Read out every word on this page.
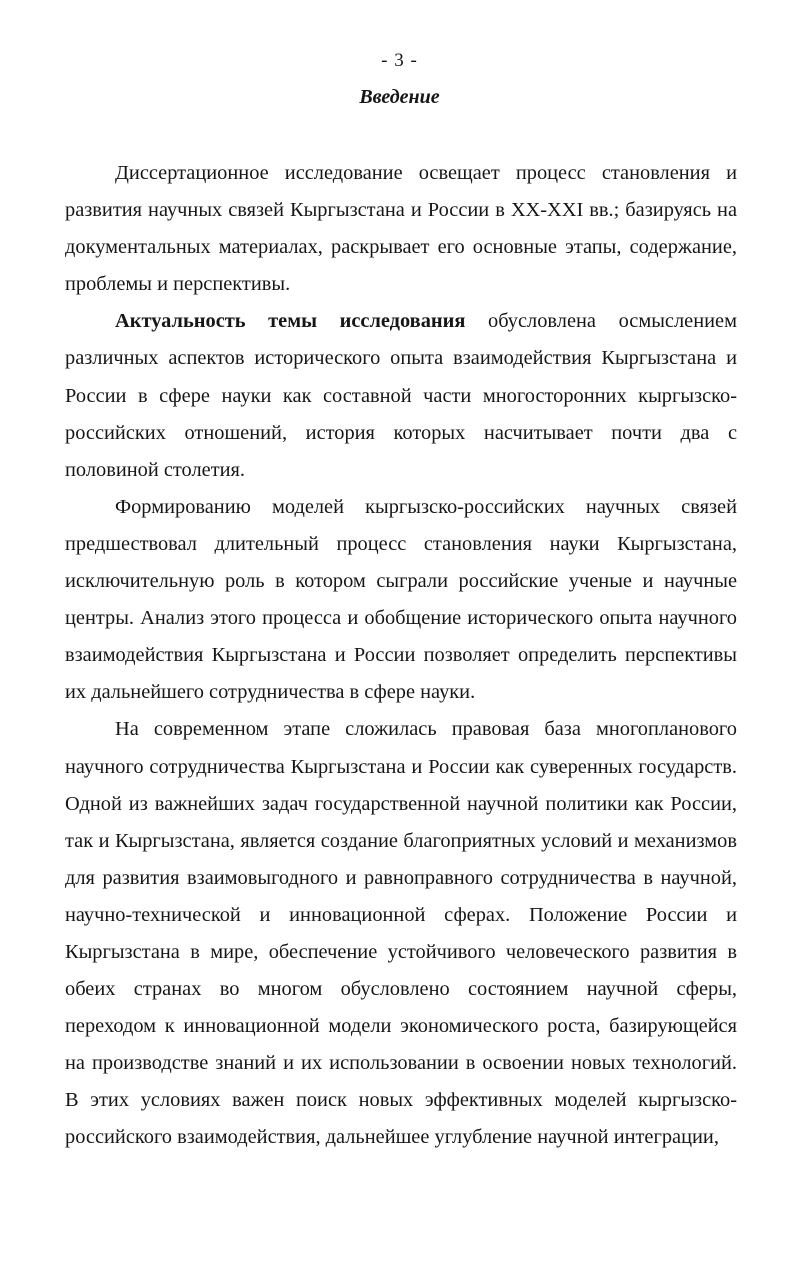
- 3 -
Введение

Диссертационное исследование освещает процесс становления и развития научных связей Кыргызстана и России в XX-XXI вв.; базируясь на документальных материалах, раскрывает его основные этапы, содержание, проблемы и перспективы.

Актуальность темы исследования обусловлена осмыслением различных аспектов исторического опыта взаимодействия Кыргызстана и России в сфере науки как составной части многосторонних кыргызско-российских отношений, история которых насчитывает почти два с половиной столетия.

Формированию моделей кыргызско-российских научных связей предшествовал длительный процесс становления науки Кыргызстана, исключительную роль в котором сыграли российские ученые и научные центры. Анализ этого процесса и обобщение исторического опыта научного взаимодействия Кыргызстана и России позволяет определить перспективы их дальнейшего сотрудничества в сфере науки.

На современном этапе сложилась правовая база многопланового научного сотрудничества Кыргызстана и России как суверенных государств. Одной из важнейших задач государственной научной политики как России, так и Кыргызстана, является создание благоприятных условий и механизмов для развития взаимовыгодного и равноправного сотрудничества в научной, научно-технической и инновационной сферах. Положение России и Кыргызстана в мире, обеспечение устойчивого человеческого развития в обеих странах во многом обусловлено состоянием научной сферы, переходом к инновационной модели экономического роста, базирующейся на производстве знаний и их использовании в освоении новых технологий. В этих условиях важен поиск новых эффективных моделей кыргызско-российского взаимодействия, дальнейшее углубление научной интеграции,
